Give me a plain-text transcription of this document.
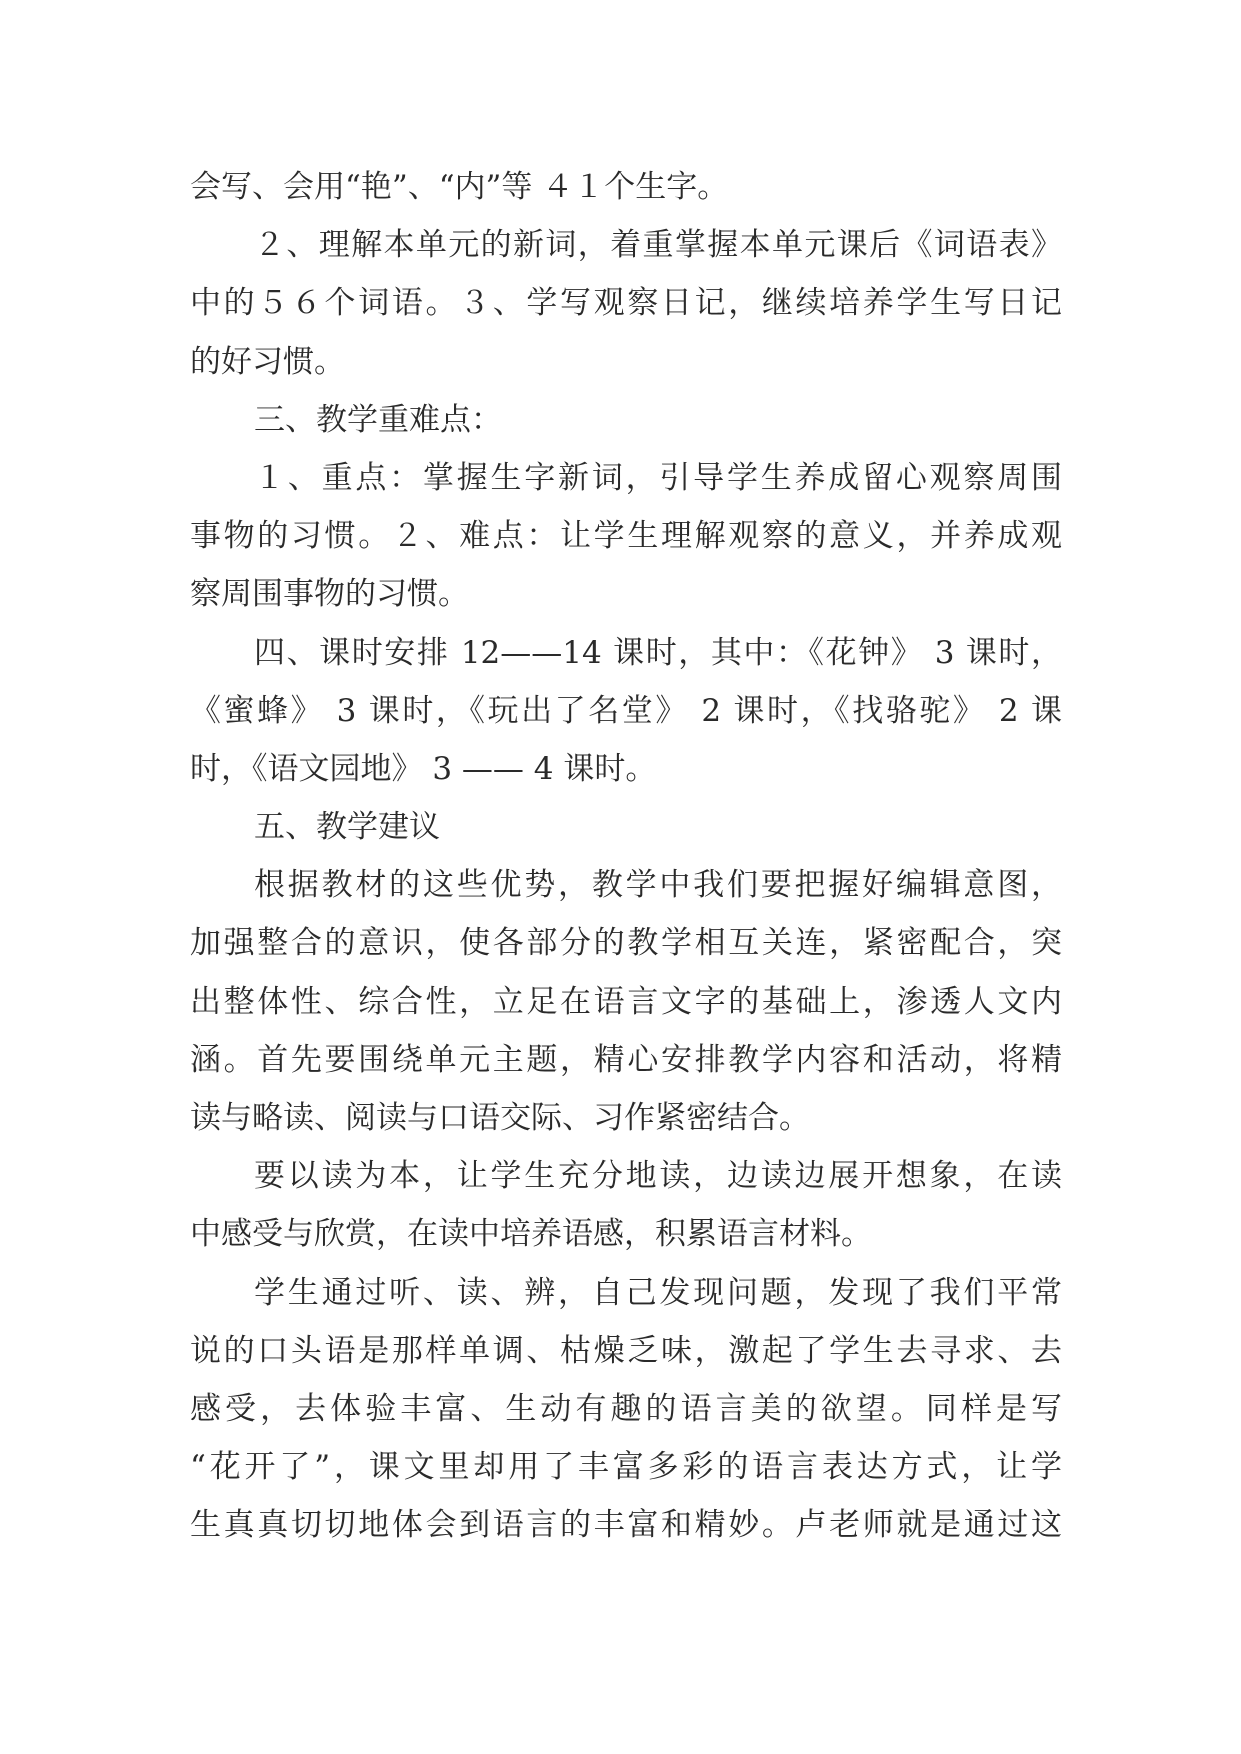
会写、会用“艳”、“内”等 ４１个生字。
２、理解本单元的新词，着重掌握本单元课后《词语表》
中的５６个词语。３、学写观察日记，继续培养学生写日记
的好习惯。
三、教学重难点：
１、重点：掌握生字新词，引导学生养成留心观察周围
事物的习惯。２、难点：让学生理解观察的意义，并养成观
察周围事物的习惯。
四、课时安排 12——14 课时，其中：《花钟》 3 课时，
《蜜蜂》 3 课时，《玩出了名堂》 2 课时，《找骆驼》 2 课
时，《语文园地》 3 —— 4 课时。
五、教学建议
根据教材的这些优势，教学中我们要把握好编辑意图，
加强整合的意识，使各部分的教学相互关连，紧密配合，突
出整体性、综合性，立足在语言文字的基础上，渗透人文内
涵。首先要围绕单元主题，精心安排教学内容和活动，将精
读与略读、阅读与口语交际、习作紧密结合。
要以读为本，让学生充分地读，边读边展开想象，在读
中感受与欣赏，在读中培养语感，积累语言材料。
学生通过听、读、辨，自己发现问题，发现了我们平常
说的口头语是那样单调、枯燥乏味，激起了学生去寻求、去
感受，去体验丰富、生动有趣的语言美的欲望。同样是写
“花开了”，课文里却用了丰富多彩的语言表达方式，让学
生真真切切地体会到语言的丰富和精妙。卢老师就是通过这
